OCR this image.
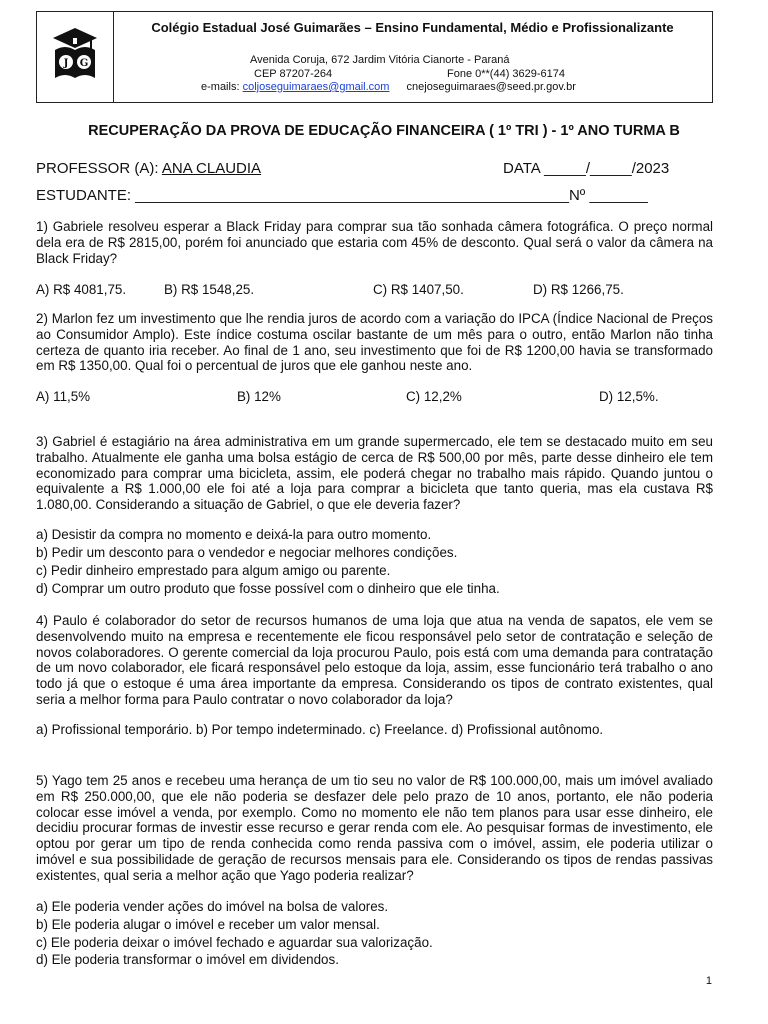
J G
Colégio Estadual José Guimarães – Ensino Fundamental, Médio e Profissionalizante
Avenida Coruja, 672 Jardim Vitória Cianorte - Paraná
CEP 87207-264	Fone 0**(44) 3629-6174
e-mails: coljoseguimaraes@gmail.com cnejoseguimaraes@seed.pr.gov.br
RECUPERAÇÃO DA PROVA DE EDUCAÇÃO FINANCEIRA ( 1º TRI ) - 1º ANO TURMA B
PROFESSOR (A): ANA CLAUDIA	DATA _____/_____/2023
ESTUDANTE: ____________________________________________________Nº _______

1) Gabriele resolveu esperar a Black Friday para comprar sua tão sonhada câmera fotográfica. O preço normal dela era de R$ 2815,00, porém foi anunciado que estaria com 45% de desconto. Qual será o valor da câmera na Black Friday?

A) R$ 4081,75.	B) R$ 1548,25.	C) R$ 1407,50.	D) R$ 1266,75.

2) Marlon fez um investimento que lhe rendia juros de acordo com a variação do IPCA (Índice Nacional de Preços ao Consumidor Amplo). Este índice costuma oscilar bastante de um mês para o outro, então Marlon não tinha certeza de quanto iria receber. Ao final de 1 ano, seu investimento que foi de R$ 1200,00 havia se transformado em R$ 1350,00. Qual foi o percentual de juros que ele ganhou neste ano.

A) 11,5%	B) 12%	C) 12,2%	D) 12,5%.

3) Gabriel é estagiário na área administrativa em um grande supermercado, ele tem se destacado muito em seu trabalho. Atualmente ele ganha uma bolsa estágio de cerca de R$ 500,00 por mês, parte desse dinheiro ele tem economizado para comprar uma bicicleta, assim, ele poderá chegar no trabalho mais rápido. Quando juntou o equivalente a R$ 1.000,00 ele foi até a loja para comprar a bicicleta que tanto queria, mas ela custava R$ 1.080,00. Considerando a situação de Gabriel, o que ele deveria fazer?

a) Desistir da compra no momento e deixá-la para outro momento.
b) Pedir um desconto para o vendedor e negociar melhores condições.
c) Pedir dinheiro emprestado para algum amigo ou parente.
d) Comprar um outro produto que fosse possível com o dinheiro que ele tinha.

4) Paulo é colaborador do setor de recursos humanos de uma loja que atua na venda de sapatos, ele vem se desenvolvendo muito na empresa e recentemente ele ficou responsável pelo setor de contratação e seleção de novos colaboradores. O gerente comercial da loja procurou Paulo, pois está com uma demanda para contratação de um novo colaborador, ele ficará responsável pelo estoque da loja, assim, esse funcionário terá trabalho o ano todo já que o estoque é uma área importante da empresa. Considerando os tipos de contrato existentes, qual seria a melhor forma para Paulo contratar o novo colaborador da loja?

a) Profissional temporário. b) Por tempo indeterminado. c) Freelance. d) Profissional autônomo.

5) Yago tem 25 anos e recebeu uma herança de um tio seu no valor de R$ 100.000,00, mais um imóvel avaliado em R$ 250.000,00, que ele não poderia se desfazer dele pelo prazo de 10 anos, portanto, ele não poderia colocar esse imóvel a venda, por exemplo. Como no momento ele não tem planos para usar esse dinheiro, ele decidiu procurar formas de investir esse recurso e gerar renda com ele. Ao pesquisar formas de investimento, ele optou por gerar um tipo de renda conhecida como renda passiva com o imóvel, assim, ele poderia utilizar o imóvel e sua possibilidade de geração de recursos mensais para ele. Considerando os tipos de rendas passivas existentes, qual seria a melhor ação que Yago poderia realizar?

a) Ele poderia vender ações do imóvel na bolsa de valores.
b) Ele poderia alugar o imóvel e receber um valor mensal.
c) Ele poderia deixar o imóvel fechado e aguardar sua valorização.
d) Ele poderia transformar o imóvel em dividendos.
1
